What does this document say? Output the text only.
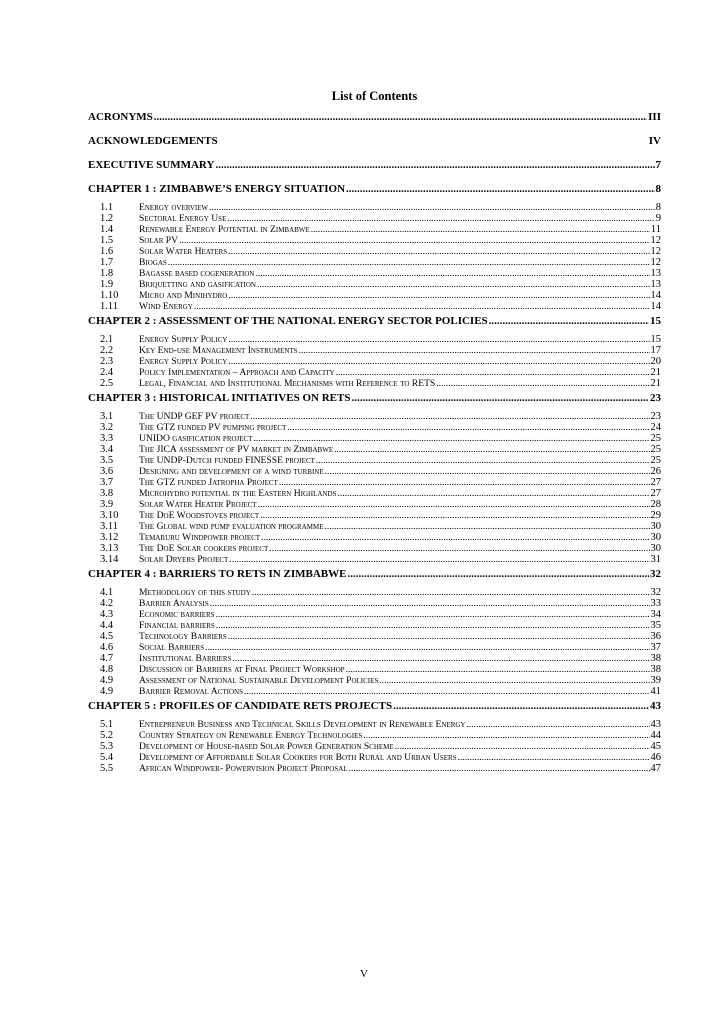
List of Contents
ACRONYMS .....	III
ACKNOWLEDGEMENTS	IV
EXECUTIVE SUMMARY .....	7
CHAPTER 1 : ZIMBABWE’S ENERGY SITUATION .....	8
1.1	Energy overview .....	8
1.2	Sectoral Energy Use .....	9
1.4	Renewable Energy Potential in Zimbabwe .....	11
1.5	Solar PV .....	12
1.6	Solar Water Heaters .....	12
1.7	Biogas .....	12
1.8	Bagasse based cogeneration .....	13
1.9	Briquetting and gasification .....	13
1.10	Micro and Minihydro .....	14
1.11	Wind Energy .....	14
CHAPTER 2 : ASSESSMENT OF THE NATIONAL ENERGY SECTOR POLICIES .....	15
2.1	Energy Supply Policy .....	15
2.2	Key End-use Management Instruments .....	17
2.3	Energy Supply Policy .....	20
2.4	Policy Implementation – Approach and Capacity .....	21
2.5	Legal, Financial and Institutional Mechanisms with Reference to RETS .....	21
CHAPTER 3 : HISTORICAL INITIATIVES ON RETS .....	23
3.1	The UNDP GEF PV project .....	23
3.2	The GTZ funded PV pumping project .....	24
3.3	UNIDO gasification project .....	25
3.4	The JICA assessment of PV market in Zimbabwe .....	25
3.5	The UNDP-Dutch funded FINESSE project .....	25
3.6	Designing and development of a wind turbine .....	26
3.7	The GTZ funded Jatropha Project .....	27
3.8	Microhydro potential in the Eastern Highlands .....	27
3.9	Solar Water Heater Project .....	28
3.10	The DoE Woodstoves project .....	29
3.11	The Global wind pump evaluation programme .....	30
3.12	Temaruru Windpower project .....	30
3.13	The DoE Solar cookers project .....	30
3.14	Solar Dryers Project .....	31
CHAPTER 4 : BARRIERS TO RETS IN ZIMBABWE .....	32
4.1	Methodology of this study .....	32
4.2	Barrier Analysis .....	33
4.3	Economic barriers .....	34
4.4	Financial barriers .....	35
4.5	Technology Barriers .....	36
4.6	Social Barriers .....	37
4.7	Institutional Barriers .....	38
4.8	Discussion of Barriers at Final Project Workshop .....	38
4.9	Assessment of National Sustainable Development Policies .....	39
4.9	Barrier Removal Actions .....	41
CHAPTER 5 : PROFILES OF CANDIDATE RETS PROJECTS .....	43
5.1	Entrepreneur Business and Technical Skills Development in Renewable Energy .....	43
5.2	Country Strategy on Renewable Energy Technologies .....	44
5.3	Development of House-based Solar Power Generation Scheme .....	45
5.4	Development of Affordable Solar Cookers for Both Rural and Urban Users .....	46
5.5	African Windpower- Powervision Project Proposal .....	47
V
